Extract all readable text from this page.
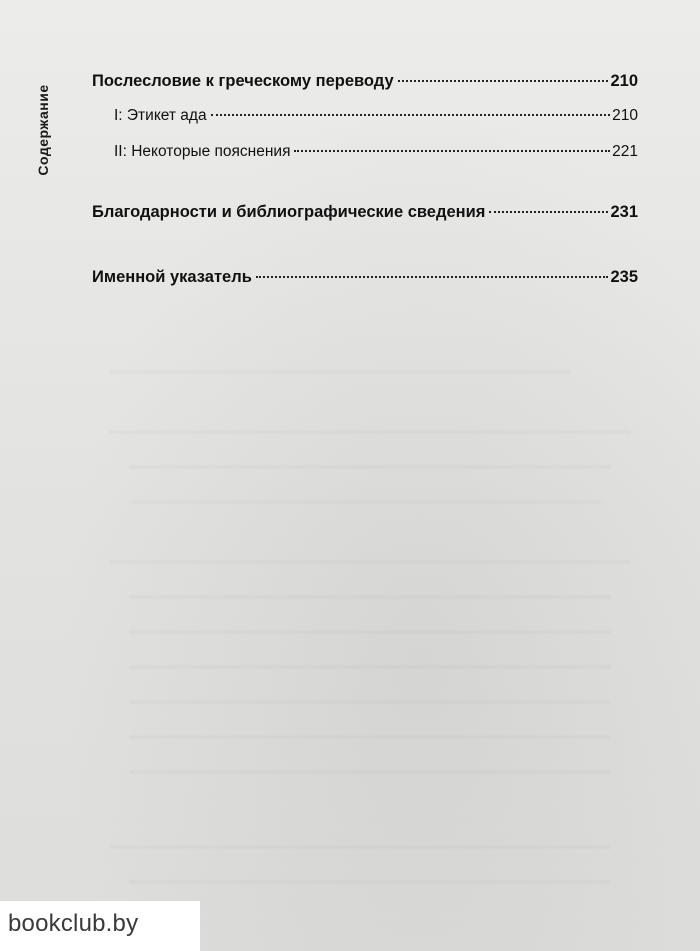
Содержание
Послесловие к греческому переводу	210
I: Этикет ада	210
II: Некоторые пояснения	221
Благодарности и библиографические сведения	231
Именной указатель	235
bookclub.by
